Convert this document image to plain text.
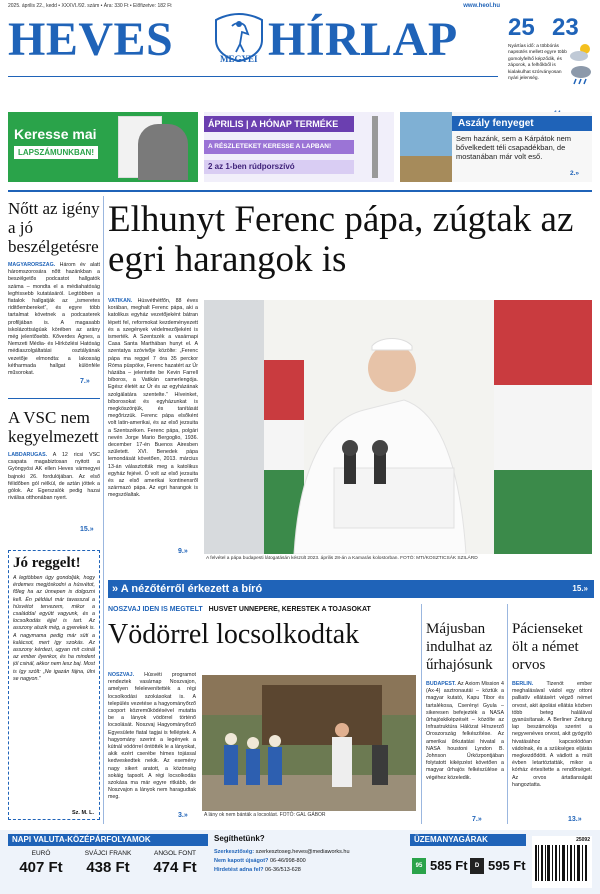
2025. április 22., kedd • XXXVI./92. szám • Ára: 330 Ft • Előfizetve: 182 Ft	www.heol.hu
HEVES HÍRLAP
MEGYEI
25 23
Nyártías idő: a többórás napsütés mellett egyre több gomolyfelhő képződik, és záporok, a felhőkből is kialakulhat szórványosan nyári jelenség.
Keresse mai
LAPSZÁMUNKBAN!
ÁPRILIS | A HÓNAP TERMÉKE
A RÉSZLETEKET KERESSE A LAPBAN!
2 az 1-ben rúdporszívó
Aszály fenyeget
Sem hazánk, sem a Kárpátok nem bővelkedett téli csapadékban, de mostanában már volt eső.
2.»
Nőtt az igény a jó beszélgetésre
MAGYARORSZÁG. Három év alatt háromszorosára nőtt hazánkban a beszélgetős podcastot hallgatók száma – mondta el a médiahatóság legfrissebb kutatásáról. Legtöbben a fiatalok hallgatják az „ismeretes riditőembereket”, és egyre több tartalmat követnek a podcasterek profiljában is. A magasabb iskolázottságúak körében az arány még jelentősebb. Kőverdes Ágnes, a Nemzeti Média- és Hírközlési Hatóság médiaszolgáltatási osztályának vezetője elmondta: a lakosság kétharmada hallgat különféle műsorokat.
7.»
A VSC nem kegyelmezett
LABDARÚGÁS. A 12 ricsi VSC csapata magabiztosan nyitott a Gyöngyösi AK ellen Heves vármegyei bajnoki 26. fordulójában. Az első félidőben gól nélkül, de aztán jöttek a gólok. Az Egerszalók pedig hazai riválisa otthonában nyert.
15.»
Jó reggelt!
A legtöbben úgy gondolják, hogy érdemes megjóskodni a húsvétot, főleg ha az ünnepen is dolgozni kell. Én például már tavasszal a húsvétot tervezem, mikor a családdal együtt vagyunk, és a locsolkodás éjjel is tart. Az asszony alszik még, a gyerekek is. A nagymama pedig már süti a kalácsot, mert így szokás. Az asszony kérdezi, ugyan mit csinál az ember ilyenkor, és ha mindent jól csinál, akkor nem lesz baj. Most is így szólt: „Ne igazán fájna, ülni se nagyon.”
Sz. M. L.
Elhunyt Ferenc pápa, zúgtak az egri harangok is
VATIKÁN. Húsvéthétfőn, 88 éves korában, meghalt Ferenc pápa, aki a katolikus egyház vezetőjeként bátran lépett fel, reformokat kezdeményezett és a szegények védelmezőjeként is ismerték. A Szentszék a vasárnapi Casa Santa Marthában hunyt el. A szentatya szóvivője közölte: „Ferenc pápa ma reggel 7 óra 35 perckor Róma püspöke, Ferenc hazatért az Úr házába – jelentette be Kevin Farrell bíboros, a Vatikán camerlengója. Egész életét az Úr és az egyházának szolgálatára szentelte.” Híveinket, bíborosokat és egyházunkat is megköszönjük, és tanítását megőrizzük. Ferenc pápa elsőként volt latin-amerikai, és az első jezsuita a Szentszéken. Ferenc pápa, polgári nevén Jorge Mario Bergoglio, 1936. december 17-én Buenos Airesben született. XVI. Benedek pápa lemondását követően, 2013. március 13-án választották meg a katolikus egyház fejévé. Ő volt az első jezsuita és az első amerikai kontinensről származó pápa. Az egri harangok is megszólaltak.
9.»
A felvétel a pápa budapesti látogatásán készült 2023. április 28-án a Kamarás kolostorban. FOTÓ: MTI/KOSZTICSÁK SZILÁRD
» A nézőtérről érkezett a bíró	15.»
NOSZVAJ IDÉN IS MEGTELT HÚSVÉT ÜNNEPÉRE, KERESTÉK A TOJÁSOKAT
Vödörrel locsolkodtak
NOSZVAJ. Húsvéti programot rendeztek vasárnap Noszvajon, amelyen felelevenítették a régi locsolkodási szokásokat is. A település vezetése a hagyományőrző csoport közreműködésével mutatta be a lányok vödörrel történő locsolását. Noszvaj Hagyományőrző Egyesülete fiatal tagjai is felléptek. A hagyomány szerint a legények a kútnál vödörrel öntötték le a lányokat, akik ezért cserébe hímes tojással kedveskedtek nekik. Az esemény nagy sikert aratott, a közönség sokáig tapsolt. A régi locsolkodás szokása ma már egyre ritkább, de Noszvajon a lányok nem haragudtak meg.
3.»	A lány ok nem bánták a locsolást. FOTÓ: GAL GÁBOR
Májusban indulhat az űrhajósunk
BUDAPEST. Az Axiom Mission 4 (Ax-4) asztronautái – köztük a magyar kutató, Kapu Tibor és tartalékosa, Cserényi Gyula – sikeresen befejezték a NASA űrhajóskiképzését – közölte az Infrastruktúra Hálózat Hírszerző Oroszország felkészítése. Az amerikai űrkutatási hivatal a NASA houstoni Lyndon B. Johnson Űrközpontjában folytatott kiképzést követően a magyar űrhajós felkészülése a végéhez közeledik.
7.»
Pácienseket ölt a német orvos
BERLIN.	Tizenöt ember meghalásával vádol egy ottoni palliatív ellátásért végző német orvost, akit ápolási ellátás közben több beteg halálával gyanúsítanak. A Berliner Zeitung lap beszámolója szerint a negyvenéves orvost, akit gyógyító hivatásához kapcsolódóan vádolnak, és a szükséges eljárás megkezdődött. A vádlott a múlt évben letartóztatták, mikor a kórház értesítette a rendőrséget. Az orvos ártatlanságát hangoztatta.
13.»
NAPI VALUTA-KÖZÉPÁRFOLYAMOK
EURÓ
407 Ft
SVÁJCI FRANK
438 Ft
ANGOL FONT
474 Ft
Segíthetünk?
Szerkesztőség: szerkesztoseg.heves@mediaworks.hu
Nem kapott újságot? 06-46/998-800
Hirdetést adna fel? 06-36/513-628
ÜZEMANYAGÁRAK
95 585 Ft	D 595 Ft
25092
